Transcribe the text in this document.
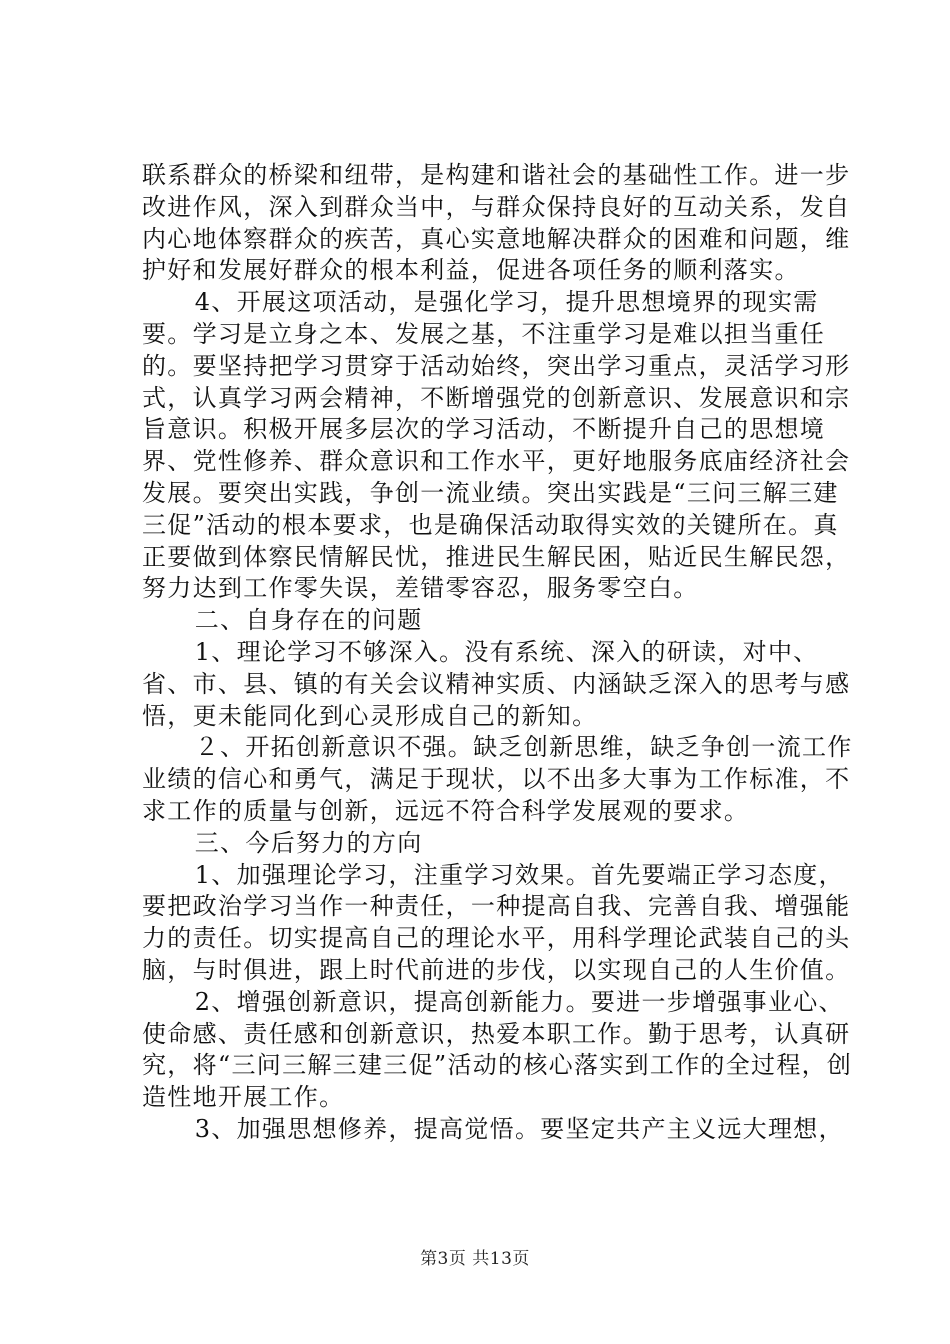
联系群众的桥梁和纽带，是构建和谐社会的基础性工作。进一步改进作风，深入到群众当中，与群众保持良好的互动关系，发自内心地体察群众的疾苦，真心实意地解决群众的困难和问题，维护好和发展好群众的根本利益，促进各项任务的顺利落实。

4、开展这项活动，是强化学习，提升思想境界的现实需要。学习是立身之本、发展之基，不注重学习是难以担当重任的。要坚持把学习贯穿于活动始终，突出学习重点，灵活学习形式，认真学习两会精神，不断增强党的创新意识、发展意识和宗旨意识。积极开展多层次的学习活动，不断提升自己的思想境界、党性修养、群众意识和工作水平，更好地服务底庙经济社会发展。要突出实践，争创一流业绩。突出实践是“三问三解三建三促”活动的根本要求，也是确保活动取得实效的关键所在。真正要做到体察民情解民忧，推进民生解民困，贴近民生解民怨，努力达到工作零失误，差错零容忍，服务零空白。

二、自身存在的问题

1、理论学习不够深入。没有系统、深入的研读，对中、省、市、县、镇的有关会议精神实质、内涵缺乏深入的思考与感悟，更未能同化到心灵形成自己的新知。

２、开拓创新意识不强。缺乏创新思维，缺乏争创一流工作业绩的信心和勇气，满足于现状，以不出多大事为工作标准，不求工作的质量与创新，远远不符合科学发展观的要求。

三、今后努力的方向

1、加强理论学习，注重学习效果。首先要端正学习态度，要把政治学习当作一种责任，一种提高自我、完善自我、增强能力的责任。切实提高自己的理论水平，用科学理论武装自己的头脑，与时俱进，跟上时代前进的步伐，以实现自己的人生价值。

2、增强创新意识，提高创新能力。要进一步增强事业心、使命感、责任感和创新意识，热爱本职工作。勤于思考，认真研究，将“三问三解三建三促”活动的核心落实到工作的全过程，创造性地开展工作。

3、加强思想修养，提高觉悟。要坚定共产主义远大理想，

第3页 共13页
